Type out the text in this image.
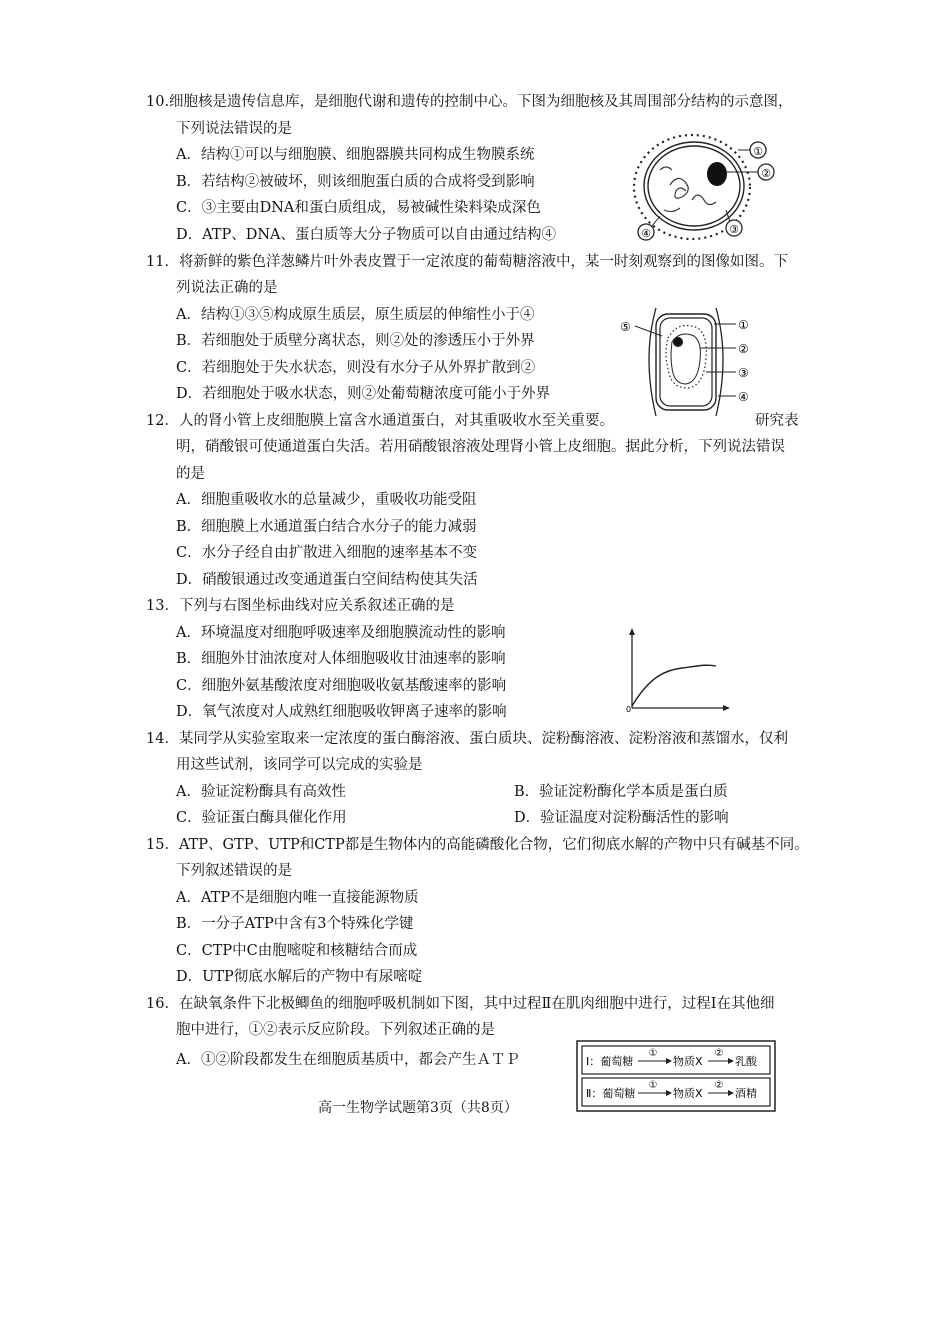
10.细胞核是遗传信息库，是细胞代谢和遗传的控制中心。下图为细胞核及其周围部分结构的示意图，
下列说法错误的是
A．结构①可以与细胞膜、细胞器膜共同构成生物膜系统
B．若结构②被破坏，则该细胞蛋白质的合成将受到影响
C．③主要由DNA和蛋白质组成，易被碱性染料染成深色
D．ATP、DNA、蛋白质等大分子物质可以自由通过结构④
①
②
③
④
11．将新鲜的紫色洋葱鳞片叶外表皮置于一定浓度的葡萄糖溶液中，某一时刻观察到的图像如图。下
列说法正确的是
A．结构①③⑤构成原生质层，原生质层的伸缩性小于④
B．若细胞处于质壁分离状态，则②处的渗透压小于外界
C．若细胞处于失水状态，则没有水分子从外界扩散到②
D．若细胞处于吸水状态，则②处葡萄糖浓度可能小于外界
⑤	①
②
③
④
12．人的肾小管上皮细胞膜上富含水通道蛋白，对其重吸收水至关重要。	研究表
明，硝酸银可使通道蛋白失活。若用硝酸银溶液处理肾小管上皮细胞。据此分析，下列说法错误
的是
A．细胞重吸收水的总量减少，重吸收功能受阻
B．细胞膜上水通道蛋白结合水分子的能力减弱
C．水分子经自由扩散进入细胞的速率基本不变
D．硝酸银通过改变通道蛋白空间结构使其失活
13．下列与右图坐标曲线对应关系叙述正确的是
A．环境温度对细胞呼吸速率及细胞膜流动性的影响
B．细胞外甘油浓度对人体细胞吸收甘油速率的影响
C．细胞外氨基酸浓度对细胞吸收氨基酸速率的影响
D．氧气浓度对人成熟红细胞吸收钾离子速率的影响	0
14．某同学从实验室取来一定浓度的蛋白酶溶液、蛋白质块、淀粉酶溶液、淀粉溶液和蒸馏水，仅利
用这些试剂，该同学可以完成的实验是
A．验证淀粉酶具有高效性	B．验证淀粉酶化学本质是蛋白质
C．验证蛋白酶具催化作用	D．验证温度对淀粉酶活性的影响
15．ATP、GTP、UTP和CTP都是生物体内的高能磷酸化合物，它们彻底水解的产物中只有碱基不同。
下列叙述错误的是
A．ATP不是细胞内唯一直接能源物质
B．一分子ATP中含有3个特殊化学键
C．CTP中C由胞嘧啶和核糖结合而成
D．UTP彻底水解后的产物中有尿嘧啶
16．在缺氧条件下北极鲫鱼的细胞呼吸机制如下图，其中过程Ⅱ在肌肉细胞中进行，过程Ⅰ在其他细
胞中进行，①②表示反应阶段。下列叙述正确的是
A．①②阶段都发生在细胞质基质中，都会产生ＡＴＰ	Ⅰ：葡萄糖
①
物质X
②
乳酸
Ⅱ：葡萄糖
①
物质X
②
酒精
高一生物学试题第3页（共8页）
